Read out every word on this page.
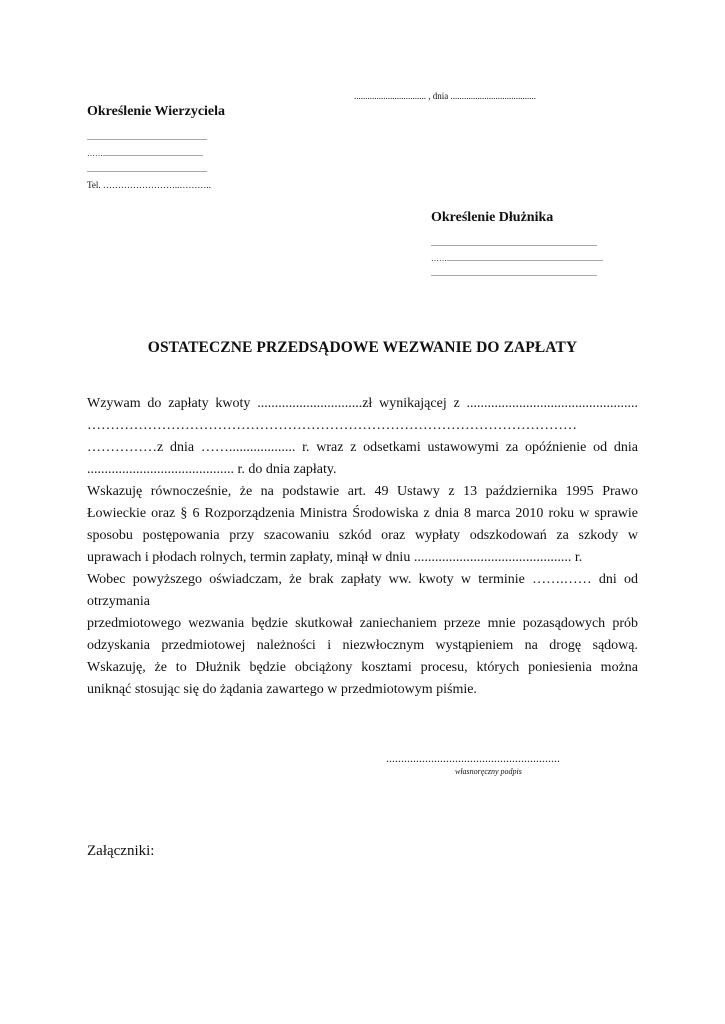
................................ , dnia ......................................
Określenie Wierzyciela
............................................................
……..................................................
............................................................
Tel. ……………………..………..
Określenie Dłużnika
...................................................................................
……..............................................................................
...................................................................................
OSTATECZNE PRZEDSĄDOWE WEZWANIE DO ZAPŁATY
Wzywam do zapłaty kwoty ..............................zł wynikającej z .................................................
……………………………………………………………………………………………
……………z dnia ……................... r. wraz z odsetkami ustawowymi za opóźnienie od dnia
.......................................... r. do dnia zapłaty.
Wskazuję równocześnie, że na podstawie art. 49 Ustawy z 13 października 1995 Prawo
Łowieckie oraz § 6 Rozporządzenia Ministra Środowiska z dnia 8 marca 2010 roku w sprawie
sposobu postępowania przy szacowaniu szkód oraz wypłaty odszkodowań za szkody w
uprawach i płodach rolnych, termin zapłaty, minął w dniu ............................................. r.
Wobec powyższego oświadczam, że brak zapłaty ww. kwoty w terminie …….…… dni od
otrzymania
przedmiotowego wezwania będzie skutkował zaniechaniem przeze mnie pozasądowych prób
odzyskania przedmiotowej należności i niezwłocznym wystąpieniem na drogę sądową.
Wskazuję, że to Dłużnik będzie obciążony kosztami procesu, których poniesienia można
uniknąć stosując się do żądania zawartego w przedmiotowym piśmie.
..........................................................
własnoręczny podpis
Załączniki:
